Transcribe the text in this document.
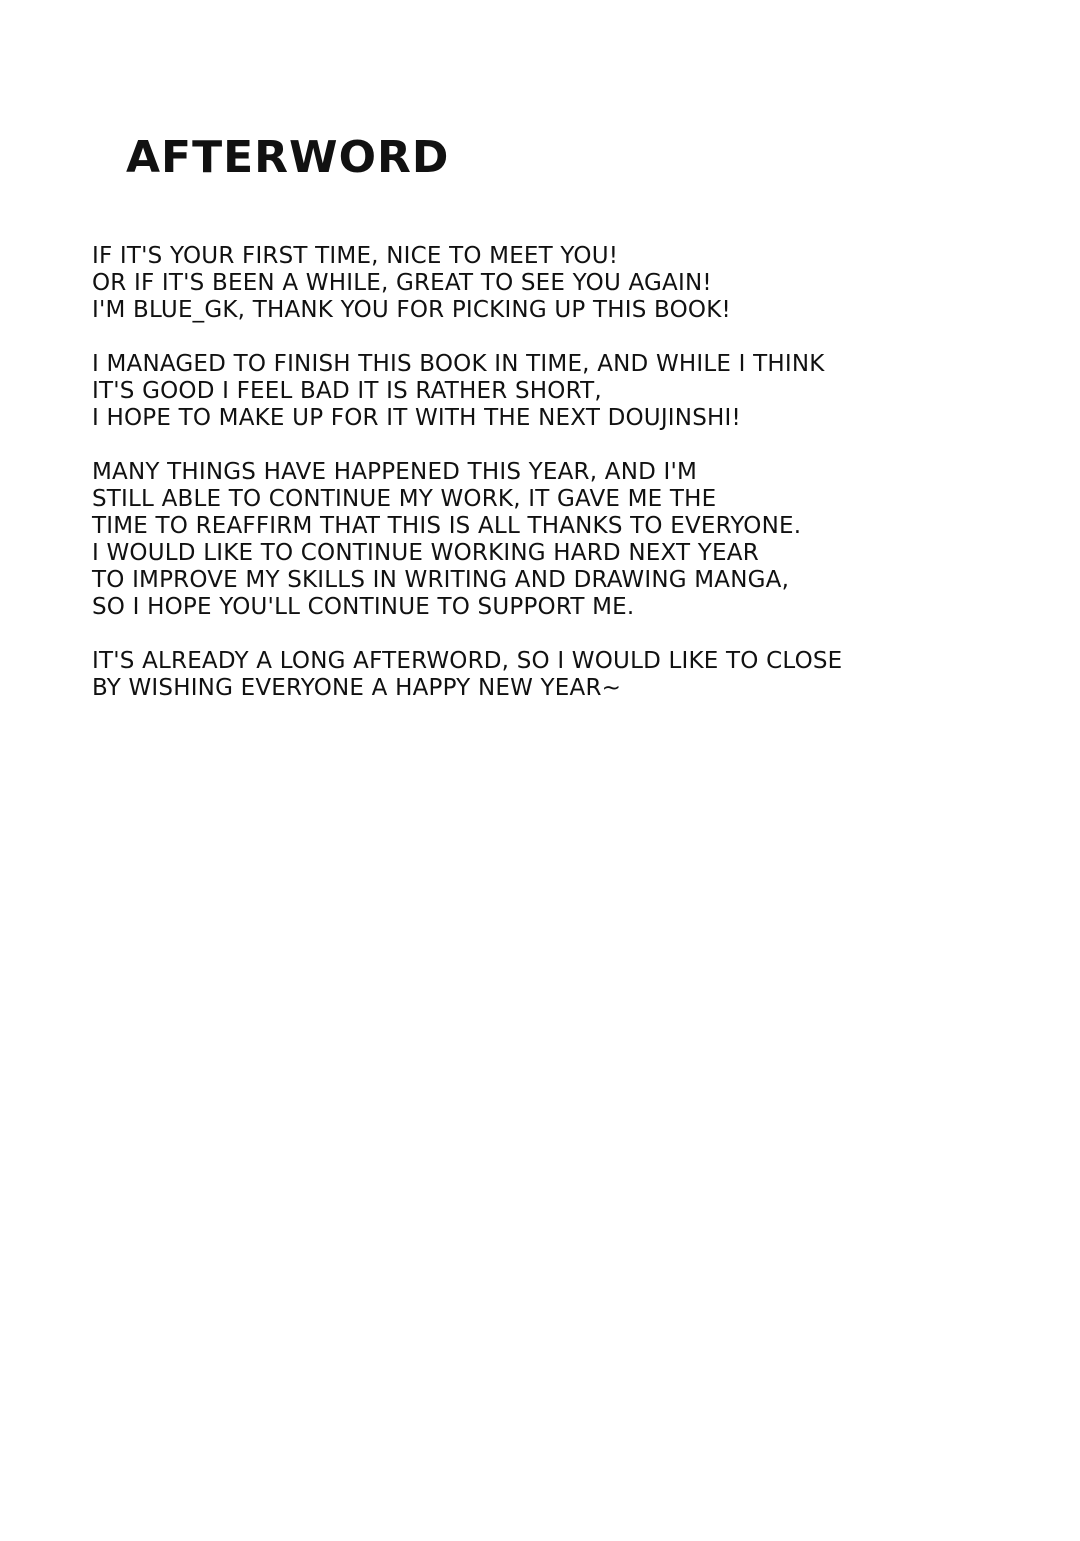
AFTERWORD
IF IT'S YOUR FIRST TIME, NICE TO MEET YOU!
OR IF IT'S BEEN A WHILE, GREAT TO SEE YOU AGAIN!
I'M BLUE_GK, THANK YOU FOR PICKING UP THIS BOOK!
I MANAGED TO FINISH THIS BOOK IN TIME, AND WHILE I THINK
IT'S GOOD I FEEL BAD IT IS RATHER SHORT,
I HOPE TO MAKE UP FOR IT WITH THE NEXT DOUJINSHI!
MANY THINGS HAVE HAPPENED THIS YEAR, AND I'M
STILL ABLE TO CONTINUE MY WORK, IT GAVE ME THE
TIME TO REAFFIRM THAT THIS IS ALL THANKS TO EVERYONE.
I WOULD LIKE TO CONTINUE WORKING HARD NEXT YEAR
TO IMPROVE MY SKILLS IN WRITING AND DRAWING MANGA,
SO I HOPE YOU'LL CONTINUE TO SUPPORT ME.
IT'S ALREADY A LONG AFTERWORD, SO I WOULD LIKE TO CLOSE
BY WISHING EVERYONE A HAPPY NEW YEAR~
